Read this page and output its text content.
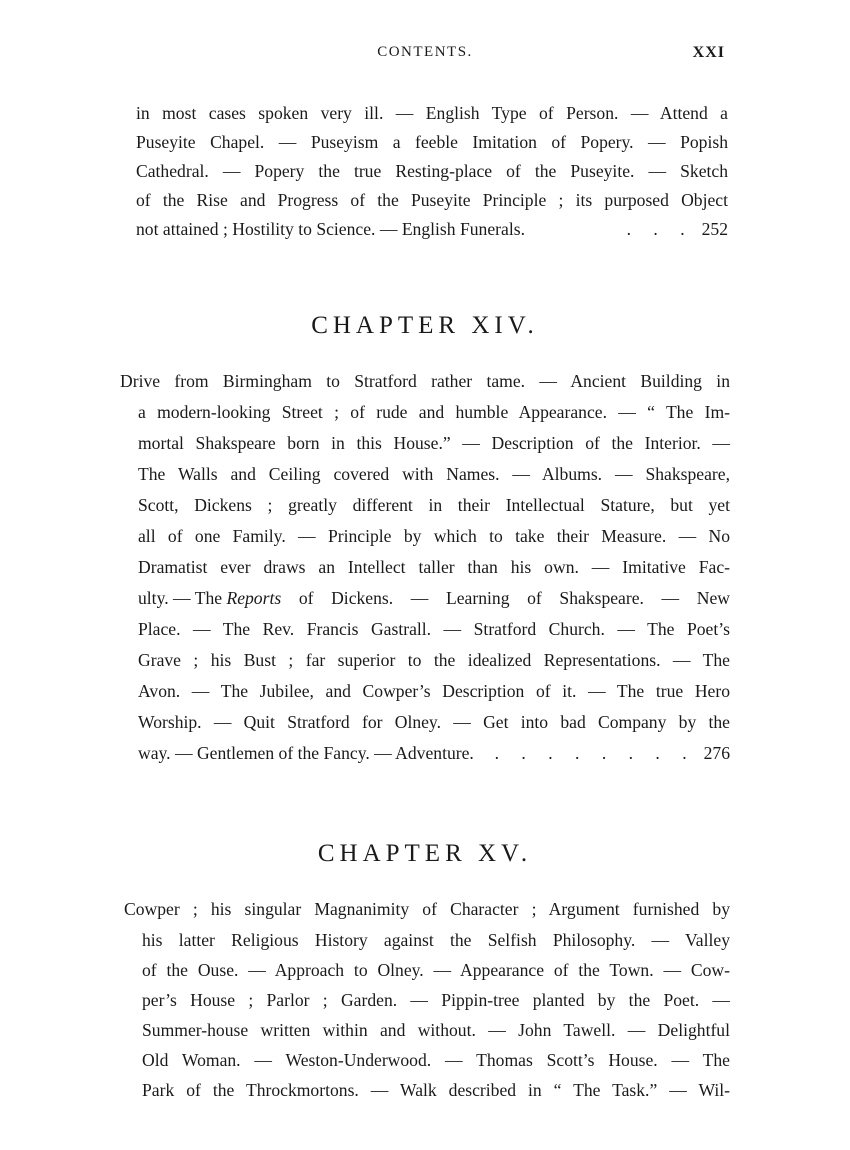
CONTENTS.	XXI
in most cases spoken very ill. — English Type of Person. — Attend a
Puseyite Chapel. — Puseyism a feeble Imitation of Popery. — Popish
Cathedral. — Popery the true Resting-place of the Puseyite. — Sketch
of the Rise and Progress of the Puseyite Principle ; its purposed Object
not attained ; Hostility to Science. — English Funerals.	. . . 252
CHAPTER XIV.
Drive from Birmingham to Stratford rather tame. — Ancient Building in
a modern-looking Street ; of rude and humble Appearance. — “ The Im-
mortal Shakspeare born in this House.” — Description of the Interior. —
The Walls and Ceiling covered with Names. — Albums. — Shakspeare,
Scott, Dickens ; greatly different in their Intellectual Stature, but yet
all of one Family. — Principle by which to take their Measure. — No
Dramatist ever draws an Intellect taller than his own. — Imitative Fac-
ulty. — The Reports of Dickens. — Learning of Shakspeare. — New
Place. — The Rev. Francis Gastrall. — Stratford Church. — The Poet’s
Grave ; his Bust ; far superior to the idealized Representations. — The
Avon. — The Jubilee, and Cowper’s Description of it. — The true Hero
Worship. — Quit Stratford for Olney. — Get into bad Company by the
way. — Gentlemen of the Fancy. — Adventure.	. . . . . . . . 276
CHAPTER XV.
Cowper ; his singular Magnanimity of Character ; Argument furnished by
his latter Religious History against the Selfish Philosophy. — Valley
of the Ouse. — Approach to Olney. — Appearance of the Town. — Cow-
per’s House ; Parlor ; Garden. — Pippin-tree planted by the Poet. —
Summer-house written within and without. — John Tawell. — Delightful
Old Woman. — Weston-Underwood. — Thomas Scott’s House. — The
Park of the Throckmortons. — Walk described in “ The Task.” — Wil-
